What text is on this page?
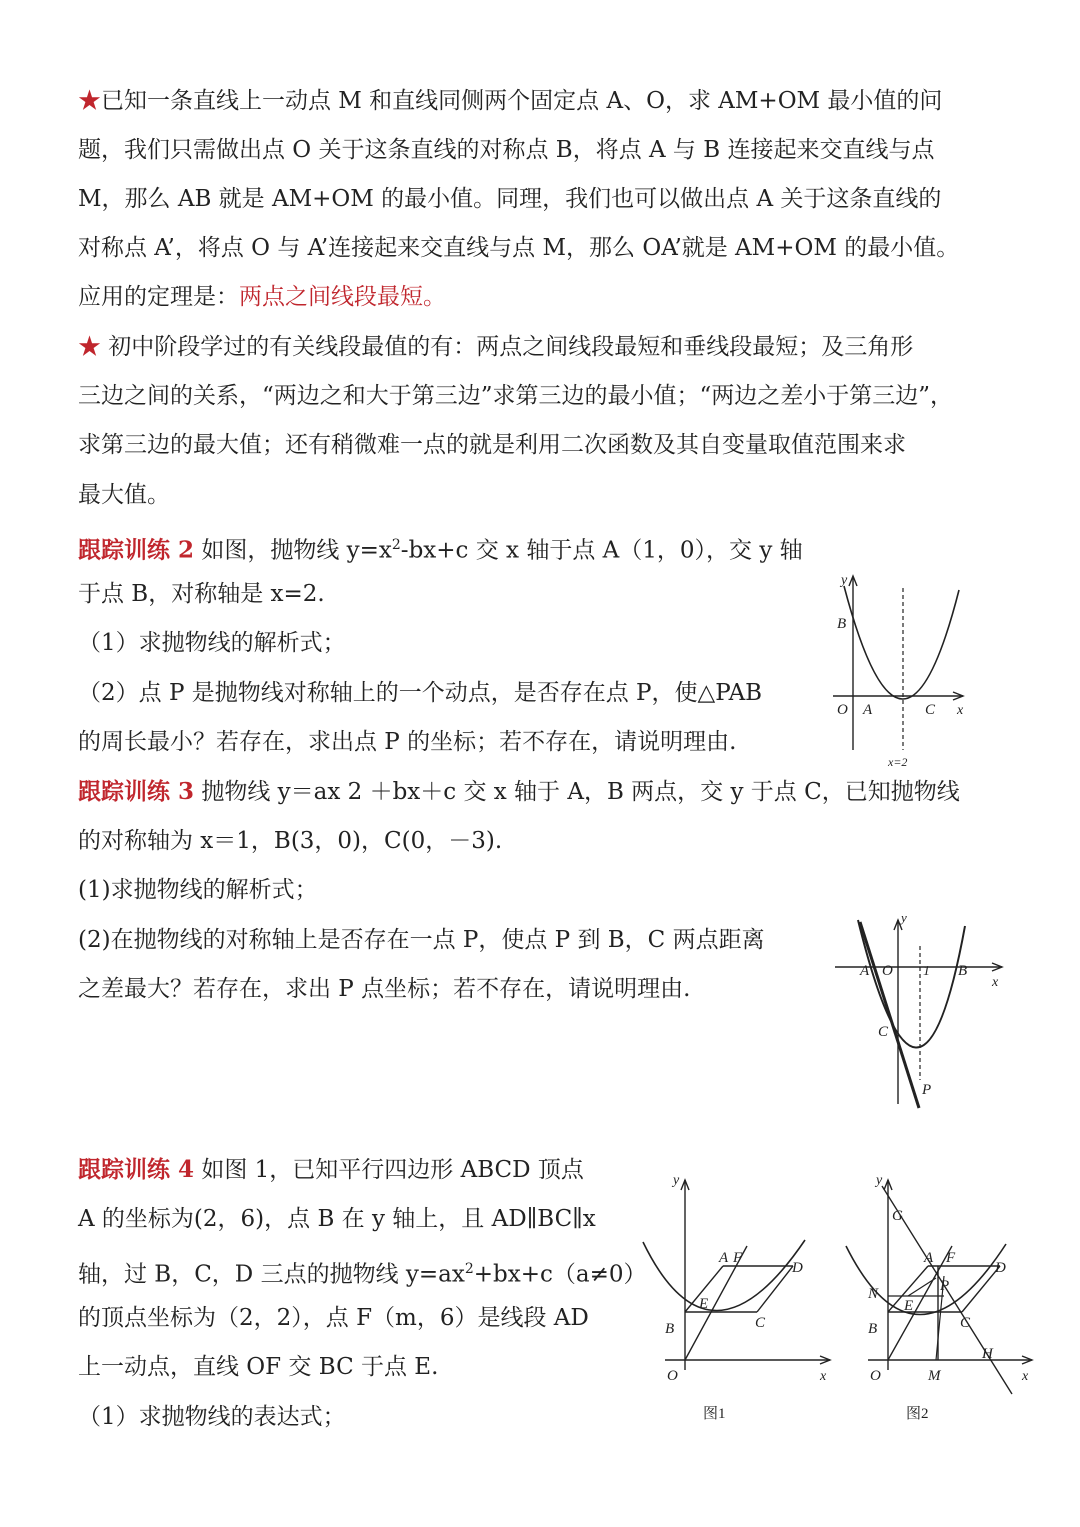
★已知一条直线上一动点 M 和直线同侧两个固定点 A、O，求 AM+OM 最小值的问
题，我们只需做出点 O 关于这条直线的对称点 B，将点 A 与 B 连接起来交直线与点
M，那么 AB 就是 AM+OM 的最小值。同理，我们也可以做出点 A 关于这条直线的
对称点 A’，将点 O 与 A’连接起来交直线与点 M，那么 OA’就是 AM+OM 的最小值。
应用的定理是：两点之间线段最短。
★ 初中阶段学过的有关线段最值的有：两点之间线段最短和垂线段最短；及三角形
三边之间的关系，“两边之和大于第三边”求第三边的最小值；“两边之差小于第三边”，
求第三边的最大值；还有稍微难一点的就是利用二次函数及其自变量取值范围来求
最大值。
跟踪训练 2 如图，抛物线 $y=x^2-bx+c$ 交 x 轴于点 A（1，0），交 y 轴
于点 B，对称轴是 x=2.
（1）求抛物线的解析式；
（2）点 P 是抛物线对称轴上的一个动点，是否存在点 P，使△PAB
的周长最小？若存在，求出点 P 的坐标；若不存在，请说明理由.
y
x
B
O A	C
x=2
跟踪训练 3 抛物线 y＝ax 2 ＋bx＋c 交 x 轴于 A，B 两点，交 y 于点 C，已知抛物线
的对称轴为 x＝1，B(3，0)，C(0，－3).
(1)求抛物线的解析式；
(2)在抛物线的对称轴上是否存在一点 P，使点 P 到 B，C 两点距离
之差最大？若存在，求出 P 点坐标；若不存在，请说明理由.
y
x
A O 1 B
C
P
跟踪训练 4 如图 1，已知平行四边形 ABCD 顶点
A 的坐标为(2，6)，点 B 在 y 轴上，且 AD∥BC∥x
轴，过 B，C，D 三点的抛物线 $y=ax^2+bx+c(a\ne 0)$
的顶点坐标为（2，2），点 F（m，6）是线段 AD
上一动点，直线 OF 交 BC 于点 E.
（1）求抛物线的表达式；
y
x
A F
D
E
B	C
O
图1
y
x
G
A F
D
N	P
E
B	C
H
O	M
图2
